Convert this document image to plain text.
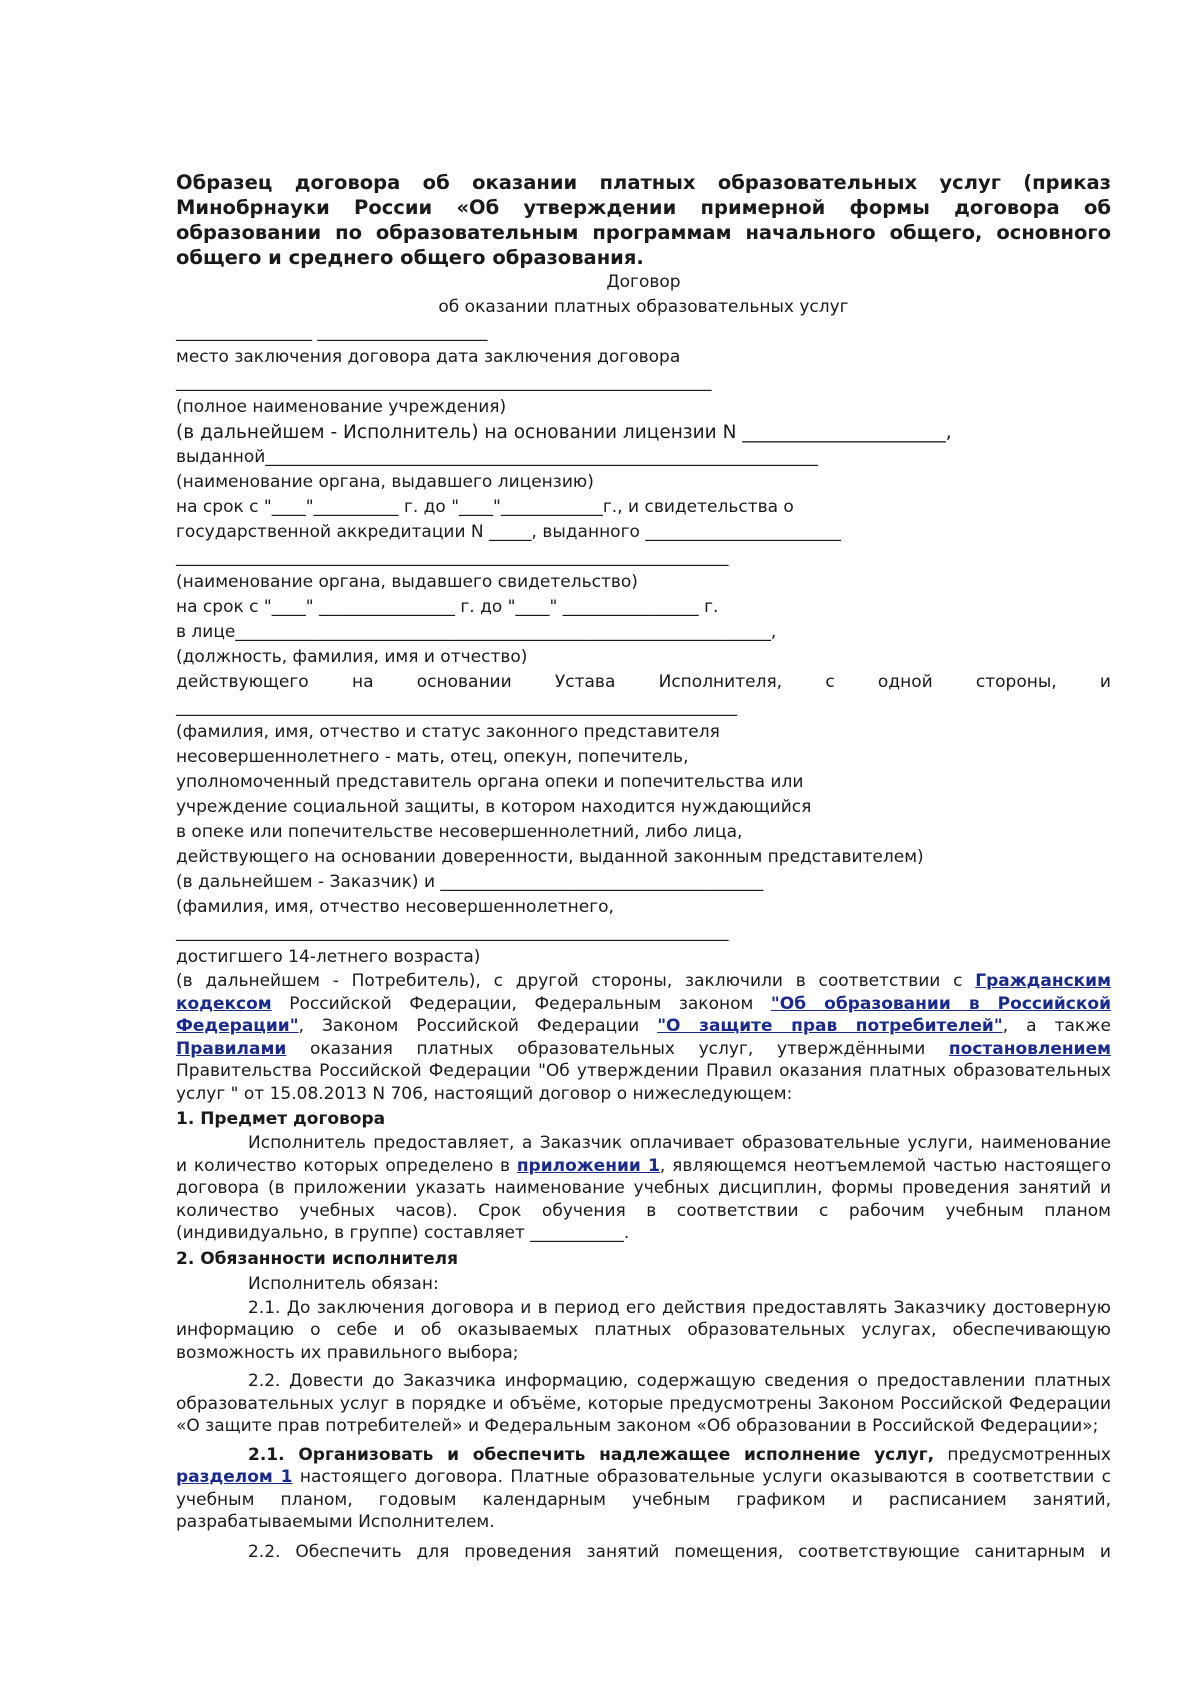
Образец договора об оказании платных образовательных услуг (приказ Минобрнауки России «Об утверждении примерной формы договора об образовании по образовательным программам начального общего, основного общего и среднего общего образования.

Договор

об оказании платных образовательных услуг

________________ ____________________

место заключения договора дата заключения договора

_______________________________________________________________

(полное наименование учреждения)

(в дальнейшем - Исполнитель) на основании лицензии N ______________________,

выданной_________________________________________________________________

(наименование органа, выдавшего лицензию)

на срок с "____"__________ г. до "____"____________г., и свидетельства о

государственной аккредитации N _____, выданного _______________________

_________________________________________________________________

(наименование органа, выдавшего свидетельство)

на срок с "____" ________________ г. до "____" ________________ г.

в лице_______________________________________________________________,

(должность, фамилия, имя и отчество)

действующего на основании Устава Исполнителя, с одной стороны, и

__________________________________________________________________

(фамилия, имя, отчество и статус законного представителя

несовершеннолетнего - мать, отец, опекун, попечитель,

уполномоченный представитель органа опеки и попечительства или

учреждение социальной защиты, в котором находится нуждающийся

в опеке или попечительстве несовершеннолетний, либо лица,

действующего на основании доверенности, выданной законным представителем)

(в дальнейшем - Заказчик) и ______________________________________

(фамилия, имя, отчество несовершеннолетнего,

_________________________________________________________________

достигшего 14-летнего возраста)

(в дальнейшем - Потребитель), с другой стороны, заключили в соответствии с Гражданским кодексом Российской Федерации, Федеральным законом "Об образовании в Российской Федерации", Законом Российской Федерации "О защите прав потребителей", а также Правилами оказания платных образовательных услуг, утверждёнными постановлением Правительства Российской Федерации "Об утверждении Правил оказания платных образовательных услуг " от 15.08.2013 N 706, настоящий договор о нижеследующем:

1. Предмет договора

Исполнитель предоставляет, а Заказчик оплачивает образовательные услуги, наименование и количество которых определено в приложении 1, являющемся неотъемлемой частью настоящего договора (в приложении указать наименование учебных дисциплин, формы проведения занятий и количество учебных часов). Срок обучения в соответствии с рабочим учебным планом (индивидуально, в группе) составляет ___________.

2. Обязанности исполнителя

Исполнитель обязан:

2.1. До заключения договора и в период его действия предоставлять Заказчику достоверную информацию о себе и об оказываемых платных образовательных услугах, обеспечивающую возможность их правильного выбора;

2.2. Довести до Заказчика информацию, содержащую сведения о предоставлении платных образовательных услуг в порядке и объёме, которые предусмотрены Законом Российской Федерации «О защите прав потребителей» и Федеральным законом «Об образовании в Российской Федерации»;

2.1. Организовать и обеспечить надлежащее исполнение услуг, предусмотренных разделом 1 настоящего договора. Платные образовательные услуги оказываются в соответствии с учебным планом, годовым календарным учебным графиком и расписанием занятий, разрабатываемыми Исполнителем.

2.2. Обеспечить для проведения занятий помещения, соответствующие санитарным и
